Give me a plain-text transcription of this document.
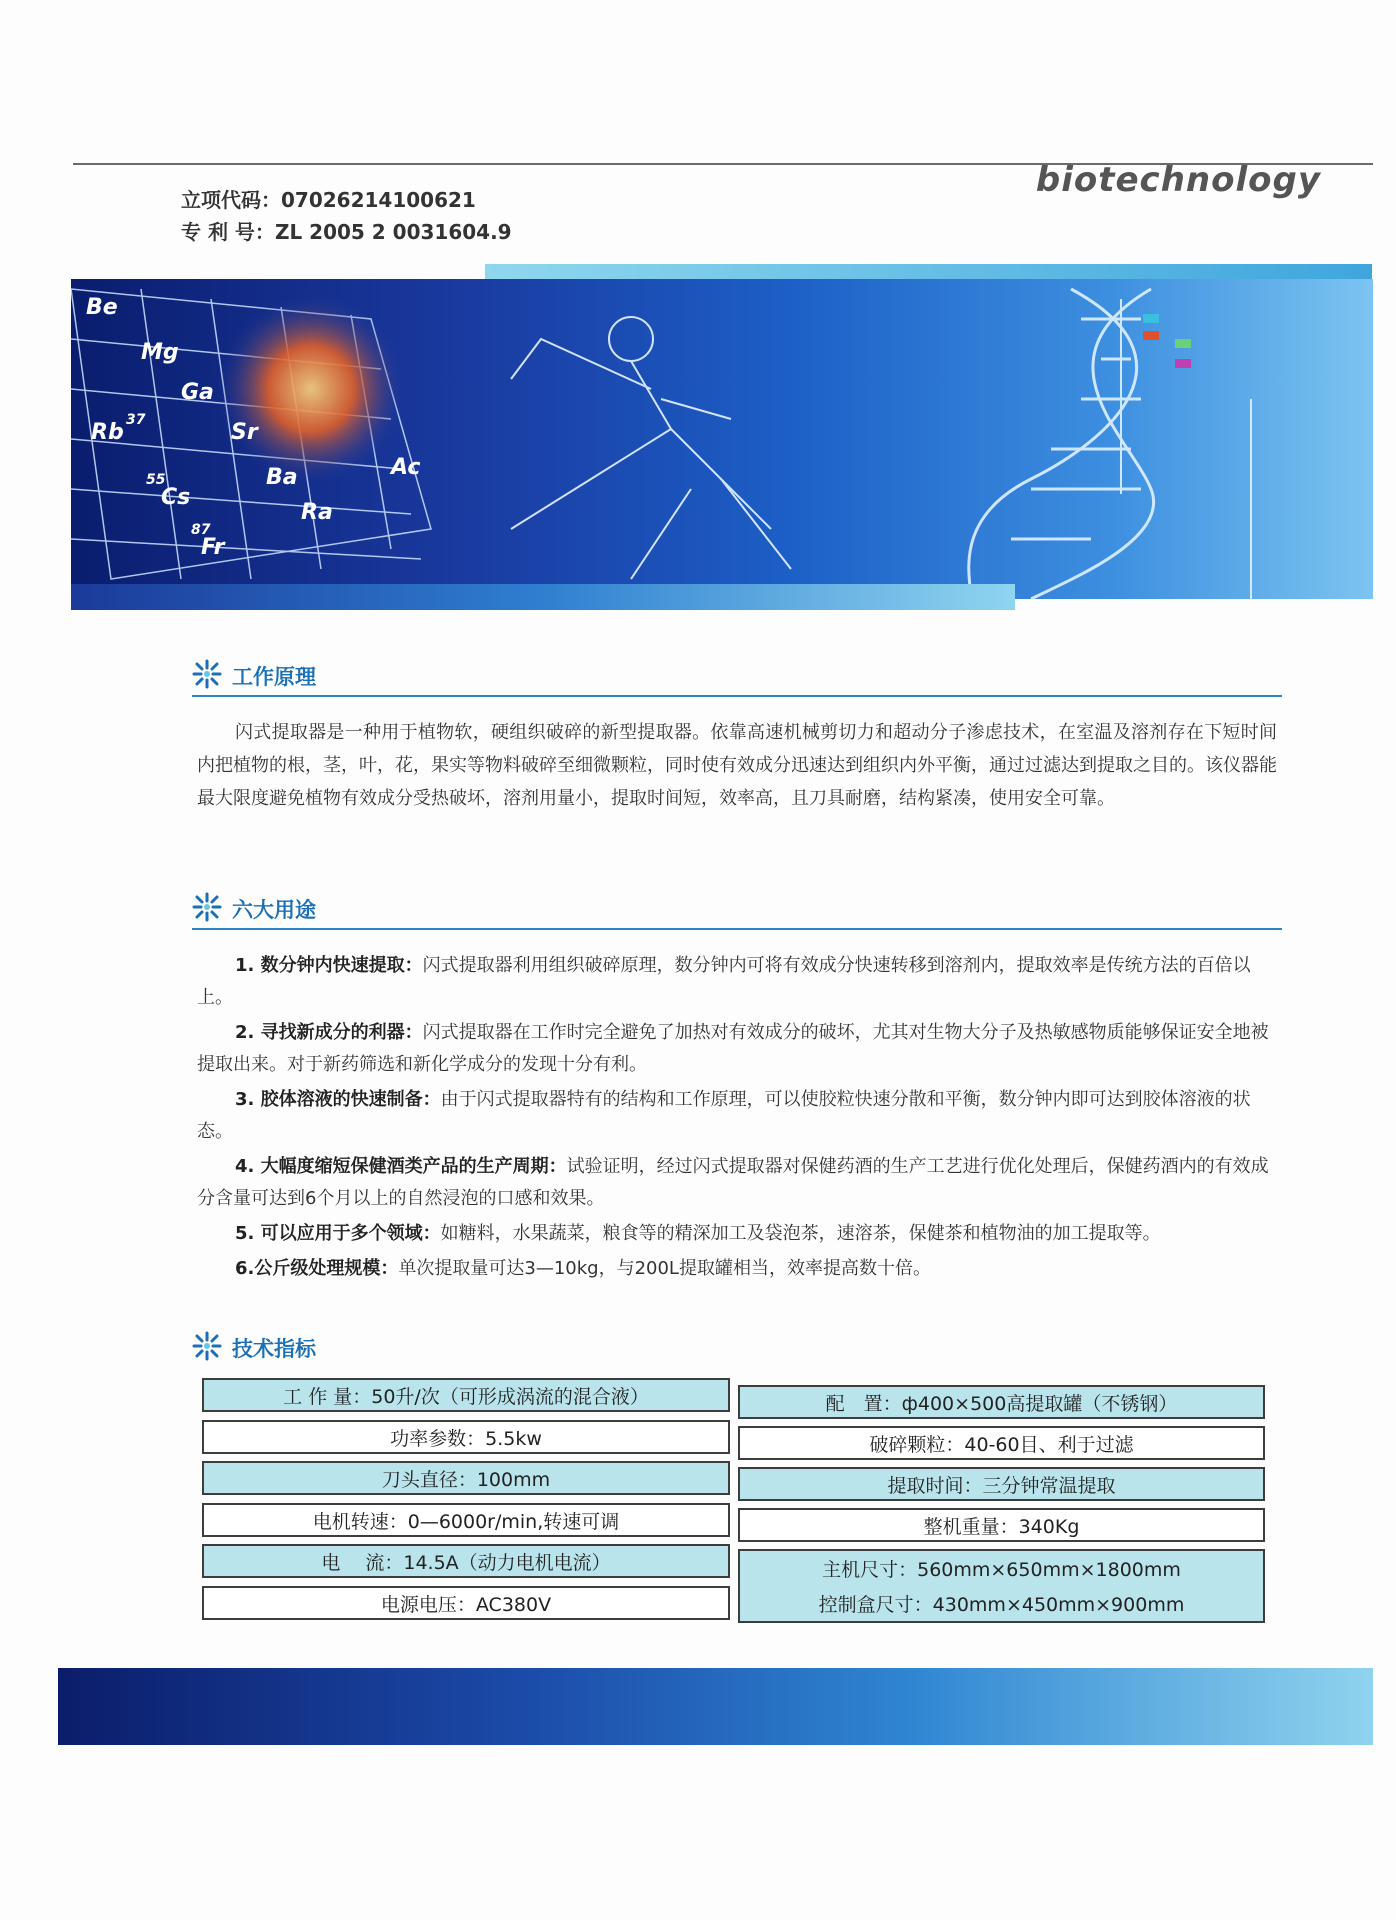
biotechnology
立项代码：07026214100621
专 利 号：ZL 2005 2 0031604.9
Be
Mg
Ga
Sr
Rb
Ba
Cs
Ra
Fr
Ac
37
55
87
工作原理

闪式提取器是一种用于植物软，硬组织破碎的新型提取器。依靠高速机械剪切力和超动分子渗虑技术，在室温及溶剂存在下短时间内把植物的根，茎，叶，花，果实等物料破碎至细微颗粒，同时使有效成分迅速达到组织内外平衡，通过过滤达到提取之目的。该仪器能最大限度避免植物有效成分受热破坏，溶剂用量小，提取时间短，效率高，且刀具耐磨，结构紧凑，使用安全可靠。

六大用途

1. 数分钟内快速提取：闪式提取器利用组织破碎原理，数分钟内可将有效成分快速转移到溶剂内，提取效率是传统方法的百倍以上。

2. 寻找新成分的利器：闪式提取器在工作时完全避免了加热对有效成分的破坏，尤其对生物大分子及热敏感物质能够保证安全地被提取出来。对于新药筛选和新化学成分的发现十分有利。

3. 胶体溶液的快速制备：由于闪式提取器特有的结构和工作原理，可以使胶粒快速分散和平衡，数分钟内即可达到胶体溶液的状态。

4. 大幅度缩短保健酒类产品的生产周期：试验证明，经过闪式提取器对保健药酒的生产工艺进行优化处理后，保健药酒内的有效成分含量可达到6个月以上的自然浸泡的口感和效果。

5. 可以应用于多个领域：如糖料，水果蔬菜，粮食等的精深加工及袋泡茶，速溶茶，保健茶和植物油的加工提取等。

6.公斤级处理规模：单次提取量可达3—10kg，与200L提取罐相当，效率提高数十倍。

技术指标
工 作 量：50升/次（可形成涡流的混合液）
功率参数：5.5kw
刀头直径：100mm
电机转速：0—6000r/min,转速可调
电　 流：14.5A（动力电机电流）
电源电压：AC380V
配　置：ф400×500高提取罐（不锈钢）
破碎颗粒：40-60目、利于过滤
提取时间：三分钟常温提取
整机重量：340Kg
主机尺寸：560mm×650mm×1800mm
控制盒尺寸：430mm×450mm×900mm
